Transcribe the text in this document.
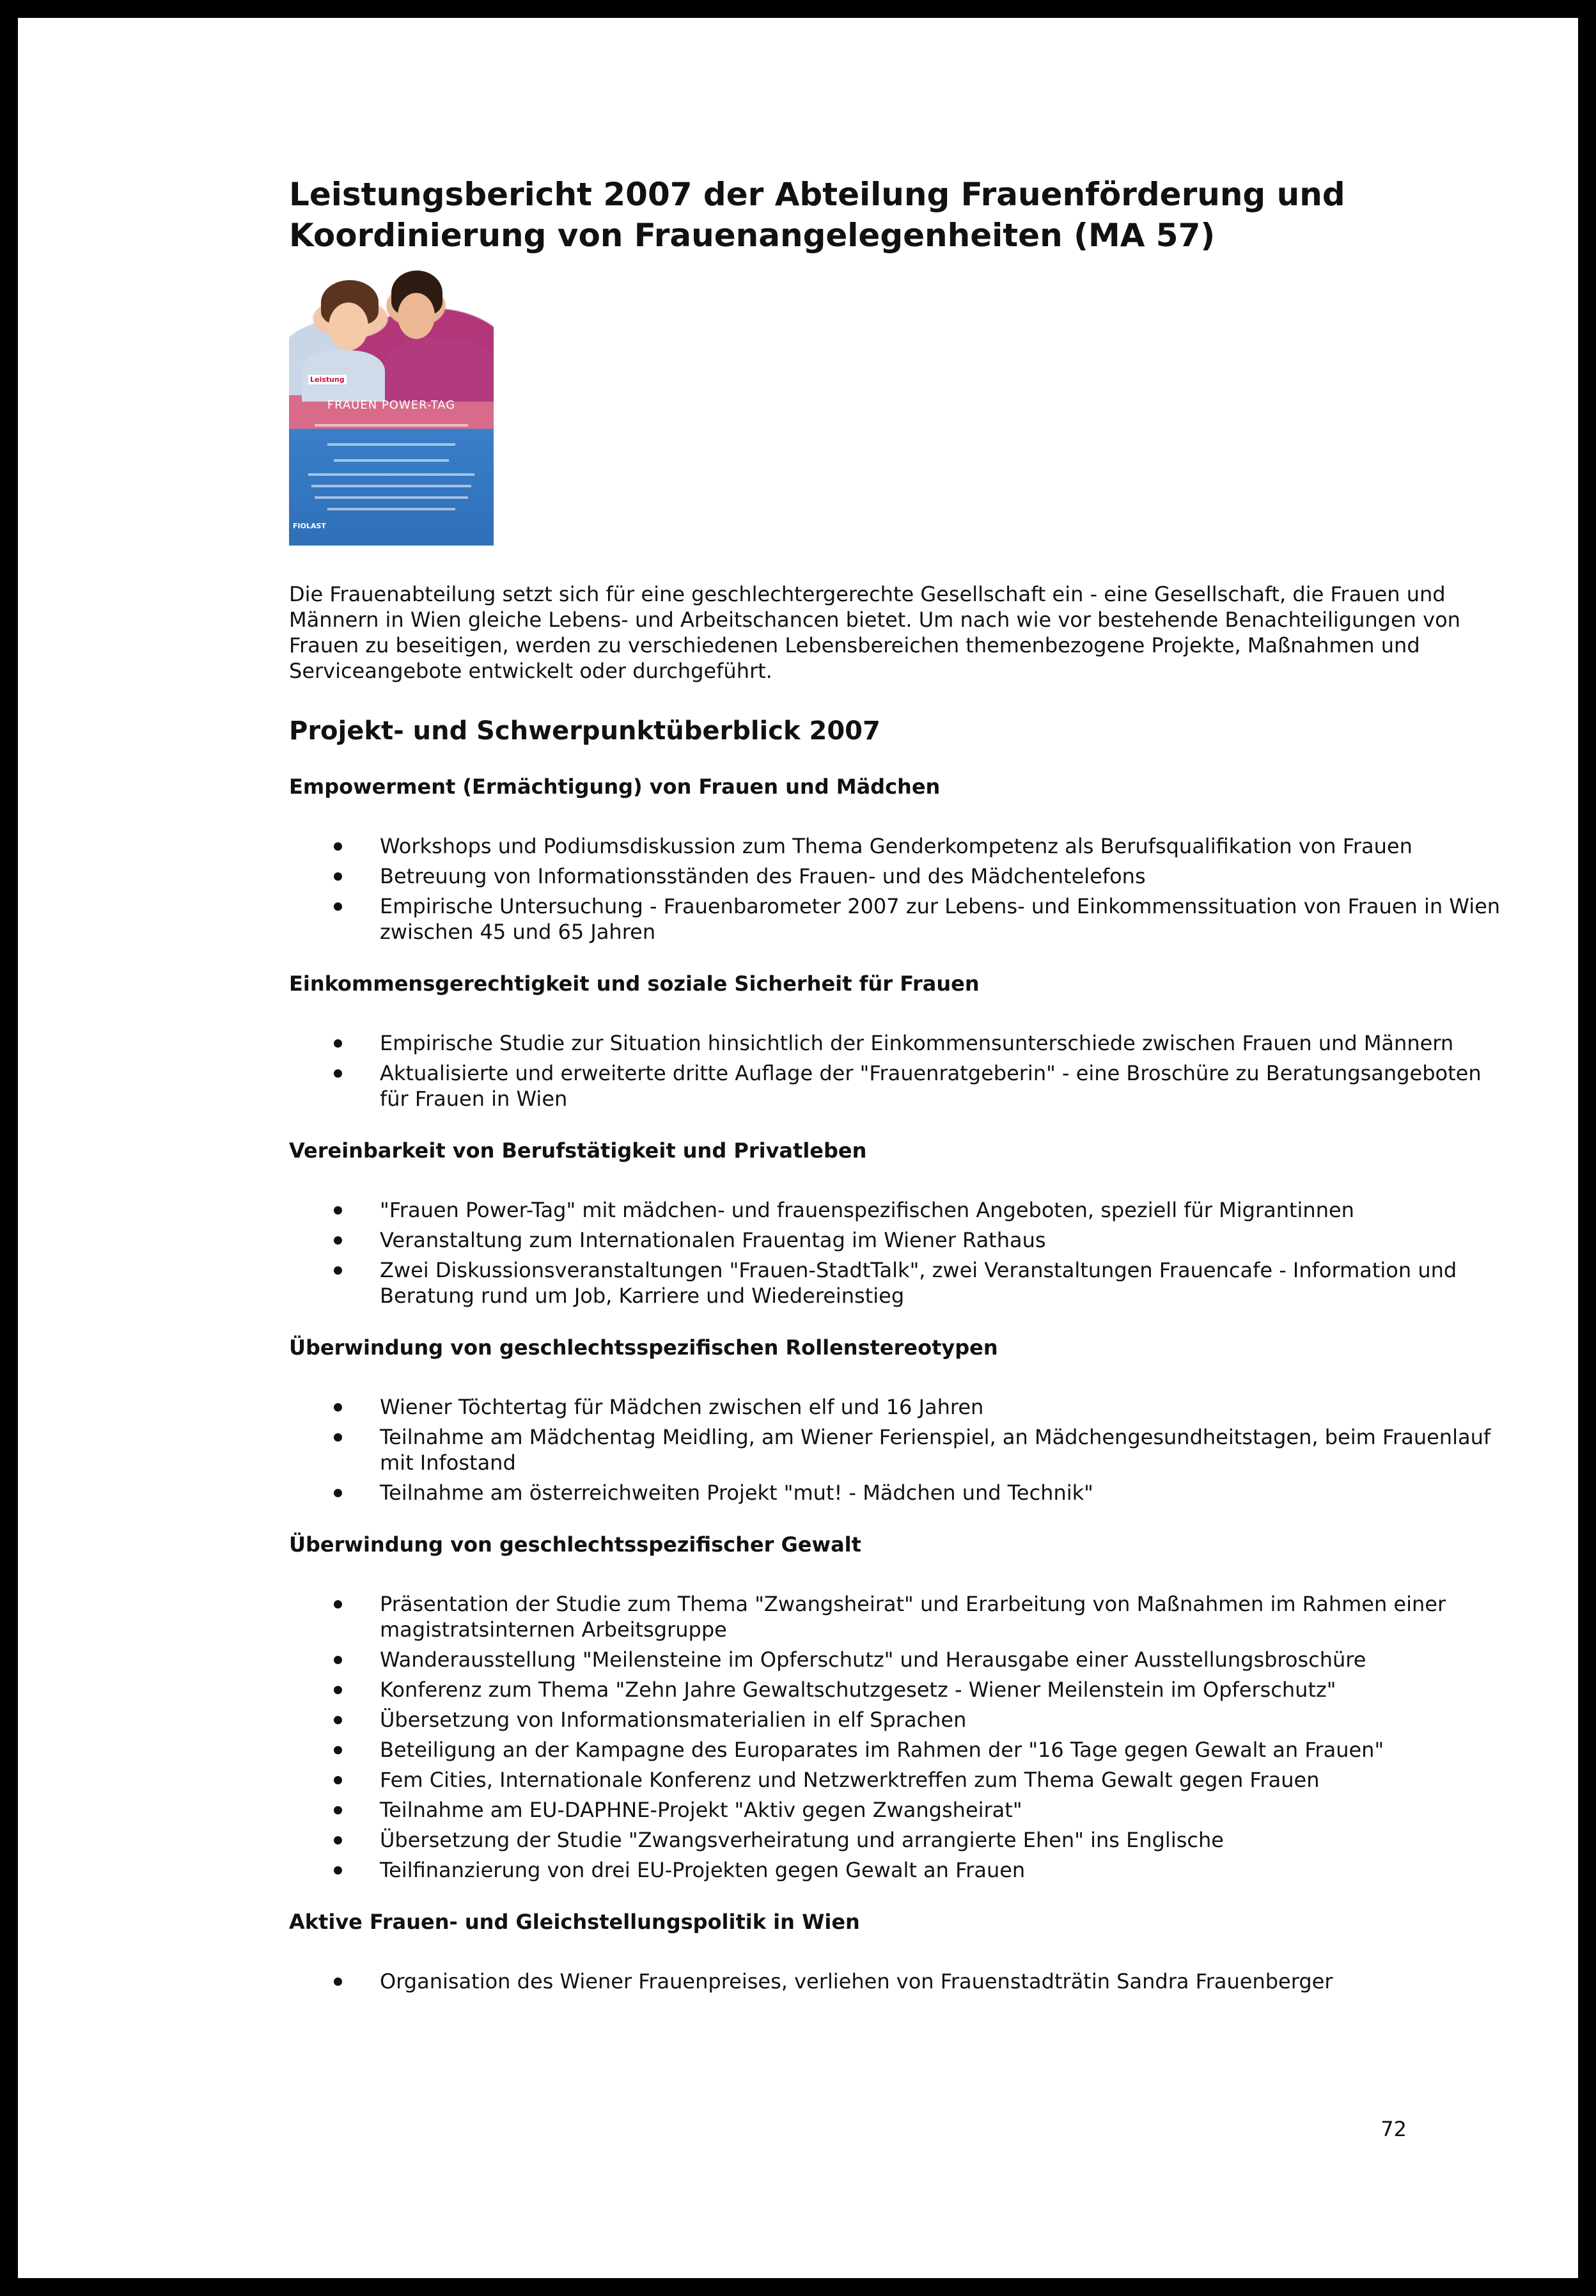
Leistungsbericht 2007 der Abteilung Frauenförderung und Koordinierung von Frauenangelegenheiten (MA 57)
Leistung
FRAUEN POWER-TAG
FIOLAST

Die Frauenabteilung setzt sich für eine geschlechtergerechte Gesellschaft ein - eine Gesellschaft, die Frauen und Männern in Wien gleiche Lebens- und Arbeitschancen bietet. Um nach wie vor bestehende Benachteiligungen von Frauen zu beseitigen, werden zu verschiedenen Lebensbereichen themenbezogene Projekte, Maßnahmen und Serviceangebote entwickelt oder durchgeführt.

Projekt- und Schwerpunktüberblick 2007
Empowerment (Ermächtigung) von Frauen und Mädchen
Workshops und Podiumsdiskussion zum Thema Genderkompetenz als Berufsqualifikation von Frauen
Betreuung von Informationsständen des Frauen- und des Mädchentelefons
Empirische Untersuchung - Frauenbarometer 2007 zur Lebens- und Einkommenssituation von Frauen in Wien zwischen 45 und 65 Jahren
Einkommensgerechtigkeit und soziale Sicherheit für Frauen
Empirische Studie zur Situation hinsichtlich der Einkommensunterschiede zwischen Frauen und Männern
Aktualisierte und erweiterte dritte Auflage der "Frauenratgeberin" - eine Broschüre zu Beratungsangeboten für Frauen in Wien
Vereinbarkeit von Berufstätigkeit und Privatleben
"Frauen Power-Tag" mit mädchen- und frauenspezifischen Angeboten, speziell für Migrantinnen
Veranstaltung zum Internationalen Frauentag im Wiener Rathaus
Zwei Diskussionsveranstaltungen "Frauen-StadtTalk", zwei Veranstaltungen Frauencafe - Information und Beratung rund um Job, Karriere und Wiedereinstieg
Überwindung von geschlechtsspezifischen Rollenstereotypen
Wiener Töchtertag für Mädchen zwischen elf und 16 Jahren
Teilnahme am Mädchentag Meidling, am Wiener Ferienspiel, an Mädchengesundheitstagen, beim Frauenlauf mit Infostand
Teilnahme am österreichweiten Projekt "mut! - Mädchen und Technik"
Überwindung von geschlechtsspezifischer Gewalt
Präsentation der Studie zum Thema "Zwangsheirat" und Erarbeitung von Maßnahmen im Rahmen einer magistratsinternen Arbeitsgruppe
Wanderausstellung "Meilensteine im Opferschutz" und Herausgabe einer Ausstellungsbroschüre
Konferenz zum Thema "Zehn Jahre Gewaltschutzgesetz - Wiener Meilenstein im Opferschutz"
Übersetzung von Informationsmaterialien in elf Sprachen
Beteiligung an der Kampagne des Europarates im Rahmen der "16 Tage gegen Gewalt an Frauen"
Fem Cities, Internationale Konferenz und Netzwerktreffen zum Thema Gewalt gegen Frauen
Teilnahme am EU-DAPHNE-Projekt "Aktiv gegen Zwangsheirat"
Übersetzung der Studie "Zwangsverheiratung und arrangierte Ehen" ins Englische
Teilfinanzierung von drei EU-Projekten gegen Gewalt an Frauen
Aktive Frauen- und Gleichstellungspolitik in Wien
Organisation des Wiener Frauenpreises, verliehen von Frauenstadträtin Sandra Frauenberger
72
